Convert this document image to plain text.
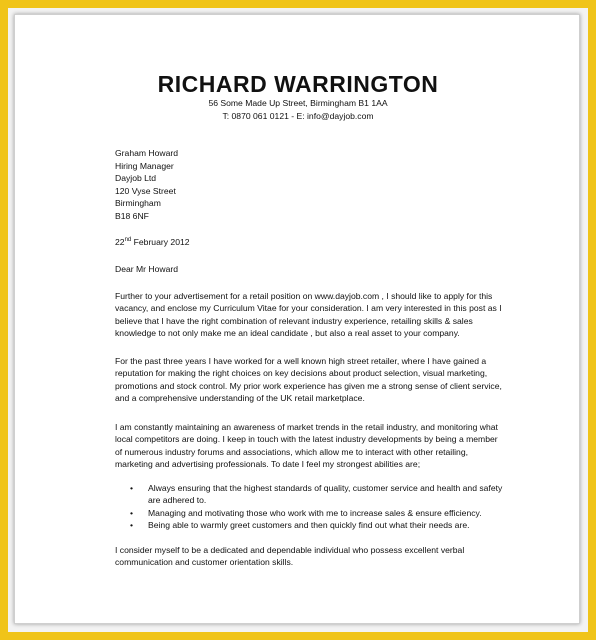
RICHARD WARRINGTON
56 Some Made Up Street, Birmingham B1 1AA
T: 0870 061 0121 - E: info@dayjob.com
Graham Howard
Hiring Manager
Dayjob Ltd
120 Vyse Street
Birmingham
B18 6NF
22nd February 2012
Dear Mr Howard

Further to your advertisement for a retail position on www.dayjob.com , I should like to apply for this vacancy, and enclose my Curriculum Vitae for your consideration. I am very interested in this post as I believe that I have the right combination of relevant industry experience, retailing skills & sales knowledge to not only make me an ideal candidate , but also a real asset to your company.

For the past three years I have worked for a well known high street retailer, where I have gained a reputation for making the right choices on key decisions about product selection, visual marketing, promotions and stock control. My prior work experience has given me a strong sense of client service, and a comprehensive understanding of the UK retail marketplace.

I am constantly maintaining an awareness of market trends in the retail industry, and monitoring what local competitors are doing. I keep in touch with the latest industry developments by being a member of numerous industry forums and associations, which allow me to interact with other retailing, marketing and advertising professionals. To date I feel my strongest abilities are;

• Always ensuring that the highest standards of quality, customer service and health and safety are adhered to.
• Managing and motivating those who work with me to increase sales & ensure efficiency.
• Being able to warmly greet customers and then quickly find out what their needs are.

I consider myself to be a dedicated and dependable individual who possess excellent verbal communication and customer orientation skills.
